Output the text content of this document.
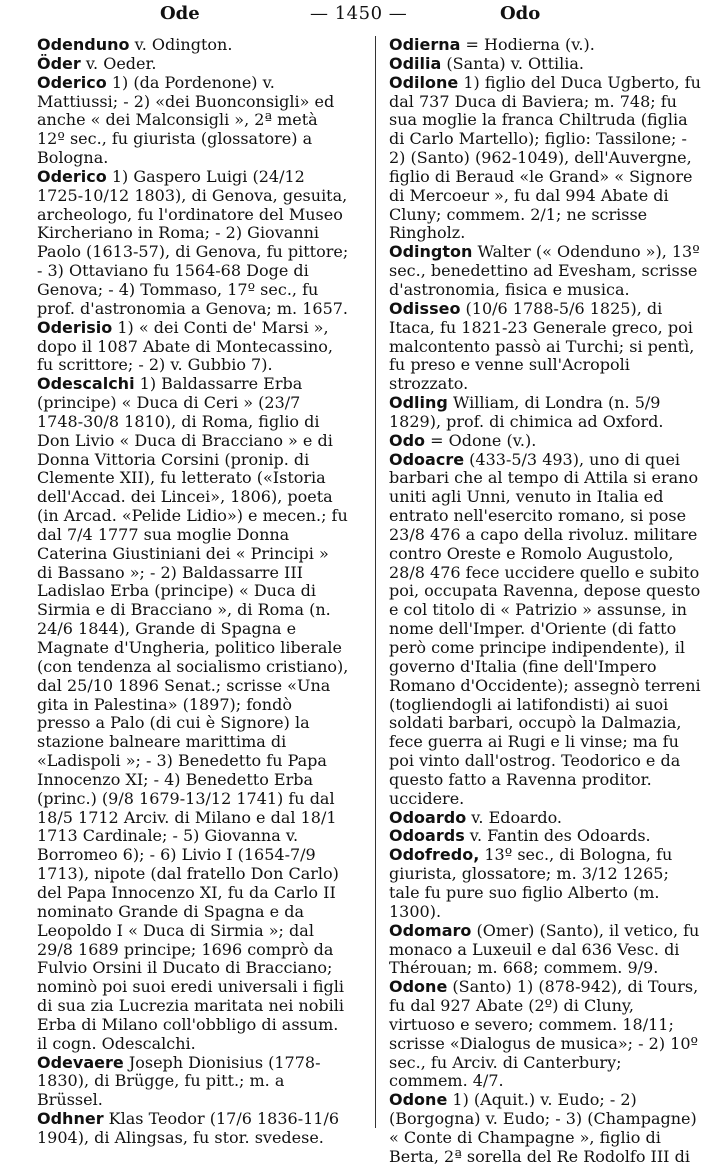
Ode	— 1450 —	Odo
Odenduno v. Odington.
Öder v. Oeder.
Oderico 1) (da Pordenone) v. Mattiussi; - 2) «dei Buonconsigli» ed anche « dei Malconsigli », 2ª metà 12º sec., fu giurista (glossatore) a Bologna.
Oderico 1) Gaspero Luigi (24/12 1725-10/12 1803), di Genova, gesuita, archeologo, fu l'ordinatore del Museo Kircheriano in Roma; - 2) Giovanni Paolo (1613-57), di Genova, fu pittore; - 3) Ottaviano fu 1564-68 Doge di Genova; - 4) Tommaso, 17º sec., fu prof. d'astronomia a Genova; m. 1657.
Oderisio 1) « dei Conti de' Marsi », dopo il 1087 Abate di Montecassino, fu scrittore; - 2) v. Gubbio 7).
Odescalchi 1) Baldassarre Erba (principe) « Duca di Ceri » (23/7 1748-30/8 1810), di Roma, figlio di Don Livio « Duca di Bracciano » e di Donna Vittoria Corsini (pronip. di Clemente XII), fu letterato («Istoria dell'Accad. dei Lincei», 1806), poeta (in Arcad. «Pelide Lidio») e mecen.; fu dal 7/4 1777 sua moglie Donna Caterina Giustiniani dei « Principi » di Bassano »; - 2) Baldassarre III Ladislao Erba (principe) « Duca di Sirmia e di Bracciano », di Roma (n. 24/6 1844), Grande di Spagna e Magnate d'Ungheria, politico liberale (con tendenza al socialismo cristiano), dal 25/10 1896 Senat.; scrisse «Una gita in Palestina» (1897); fondò presso a Palo (di cui è Signore) la stazione balneare marittima di «Ladispoli »; - 3) Benedetto fu Papa Innocenzo XI; - 4) Benedetto Erba (princ.) (9/8 1679-13/12 1741) fu dal 18/5 1712 Arciv. di Milano e dal 18/1 1713 Cardinale; - 5) Giovanna v. Borromeo 6); - 6) Livio I (1654-7/9 1713), nipote (dal fratello Don Carlo) del Papa Innocenzo XI, fu da Carlo II nominato Grande di Spagna e da Leopoldo I « Duca di Sirmia »; dal 29/8 1689 principe; 1696 comprò da Fulvio Orsini il Ducato di Bracciano; nominò poi suoi eredi universali i figli di sua zia Lucrezia maritata nei nobili Erba di Milano coll'obbligo di assum. il cogn. Odescalchi.
Odevaere Joseph Dionisius (1778-1830), di Brügge, fu pitt.; m. a Brüssel.
Odhner Klas Teodor (17/6 1836-11/6 1904), di Alingsas, fu stor. svedese.
Odierna = Hodierna (v.).
Odilia (Santa) v. Ottilia.
Odilone 1) figlio del Duca Ugberto, fu dal 737 Duca di Baviera; m. 748; fu sua moglie la franca Chiltruda (figlia di Carlo Martello); figlio: Tassilone; - 2) (Santo) (962-1049), dell'Auvergne, figlio di Beraud «le Grand» « Signore di Mercoeur », fu dal 994 Abate di Cluny; commem. 2/1; ne scrisse Ringholz.
Odington Walter (« Odenduno »), 13º sec., benedettino ad Evesham, scrisse d'astronomia, fisica e musica.
Odisseo (10/6 1788-5/6 1825), di Itaca, fu 1821-23 Generale greco, poi malcontento passò ai Turchi; si pentì, fu preso e venne sull'Acropoli strozzato.
Odling William, di Londra (n. 5/9 1829), prof. di chimica ad Oxford.
Odo = Odone (v.).
Odoacre (433-5/3 493), uno di quei barbari che al tempo di Attila si erano uniti agli Unni, venuto in Italia ed entrato nell'esercito romano, si pose 23/8 476 a capo della rivoluz. militare contro Oreste e Romolo Augustolo, 28/8 476 fece uccidere quello e subito poi, occupata Ravenna, depose questo e col titolo di « Patrizio » assunse, in nome dell'Imper. d'Oriente (di fatto però come principe indipendente), il governo d'Italia (fine dell'Impero Romano d'Occidente); assegnò terreni (togliendogli ai latifondisti) ai suoi soldati barbari, occupò la Dalmazia, fece guerra ai Rugi e li vinse; ma fu poi vinto dall'ostrog. Teodorico e da questo fatto a Ravenna proditor. uccidere.
Odoardo v. Edoardo.
Odoards v. Fantin des Odoards.
Odofredo, 13º sec., di Bologna, fu giurista, glossatore; m. 3/12 1265; tale fu pure suo figlio Alberto (m. 1300).
Odomaro (Omer) (Santo), il vetico, fu monaco a Luxeuil e dal 636 Vesc. di Thérouan; m. 668; commem. 9/9.
Odone (Santo) 1) (878-942), di Tours, fu dal 927 Abate (2º) di Cluny, virtuoso e severo; commem. 18/11; scrisse «Dialogus de musica»; - 2) 10º sec., fu Arciv. di Canterbury; commem. 4/7.
Odone 1) (Aquit.) v. Eudo; - 2) (Borgogna) v. Eudo; - 3) (Champagne) « Conte di Champagne », figlio di Berta, 2ª sorella del Re Rodolfo III di
